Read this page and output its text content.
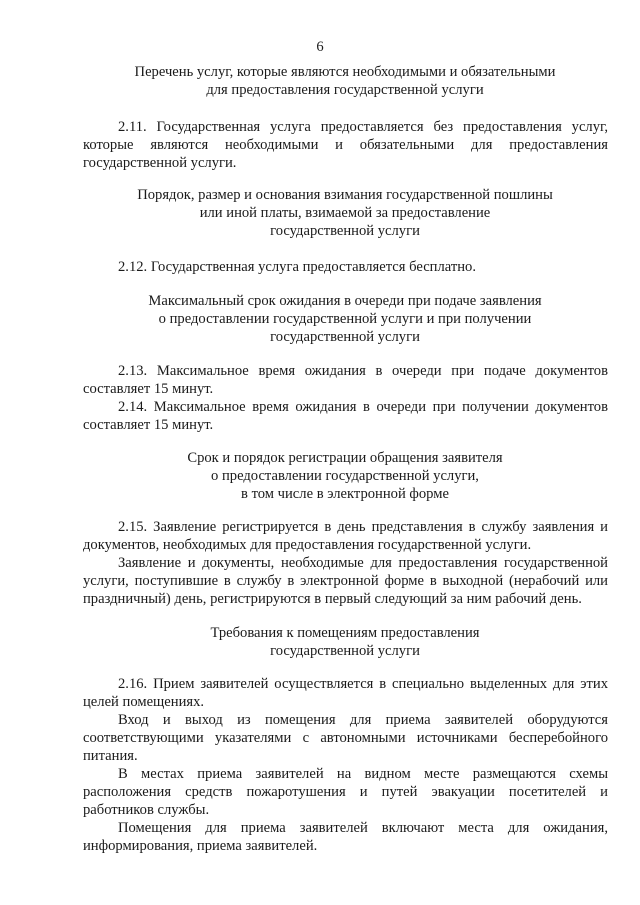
6
Перечень услуг, которые являются необходимыми и обязательными
для предоставления государственной услуги
2.11. Государственная услуга предоставляется без предоставления услуг, которые являются необходимыми и обязательными для предоставления государственной услуги.
Порядок, размер и основания взимания государственной пошлины
или иной платы, взимаемой за предоставление
государственной услуги
2.12. Государственная услуга предоставляется бесплатно.
Максимальный срок ожидания в очереди при подаче заявления
о предоставлении государственной услуги и при получении
государственной услуги
2.13. Максимальное время ожидания в очереди при подаче документов составляет 15 минут.
2.14. Максимальное время ожидания в очереди при получении документов составляет 15 минут.
Срок и порядок регистрации обращения заявителя
о предоставлении государственной услуги,
в том числе в электронной форме
2.15. Заявление регистрируется в день представления в службу заявления и документов, необходимых для предоставления государственной услуги.
Заявление и документы, необходимые для предоставления государственной услуги, поступившие в службу в электронной форме в выходной (нерабочий или праздничный) день, регистрируются в первый следующий за ним рабочий день.
Требования к помещениям предоставления
государственной услуги
2.16. Прием заявителей осуществляется в специально выделенных для этих целей помещениях.
Вход и выход из помещения для приема заявителей оборудуются соответствующими указателями с автономными источниками бесперебойного питания.
В местах приема заявителей на видном месте размещаются схемы расположения средств пожаротушения и путей эвакуации посетителей и работников службы.
Помещения для приема заявителей включают места для ожидания, информирования, приема заявителей.
